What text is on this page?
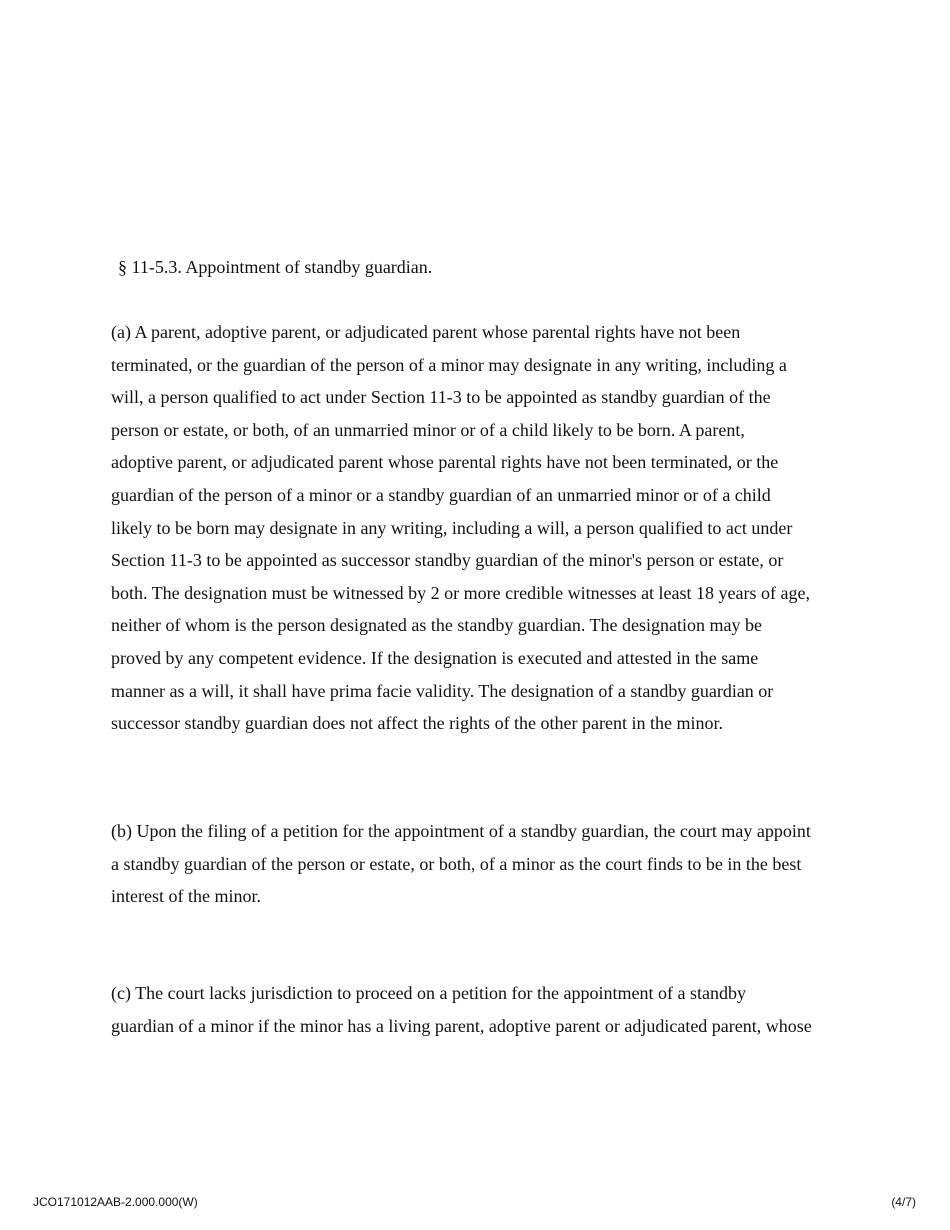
§ 11-5.3. Appointment of standby guardian.
(a) A parent, adoptive parent, or adjudicated parent whose parental rights have not been
terminated, or the guardian of the person of a minor may designate in any writing, including a
will, a person qualified to act under Section 11-3 to be appointed as standby guardian of the
person or estate, or both, of an unmarried minor or of a child likely to be born. A parent,
adoptive parent, or adjudicated parent whose parental rights have not been terminated, or the
guardian of the person of a minor or a standby guardian of an unmarried minor or of a child
likely to be born may designate in any writing, including a will, a person qualified to act under
Section 11-3 to be appointed as successor standby guardian of the minor's person or estate, or
both. The designation must be witnessed by 2 or more credible witnesses at least 18 years of age,
neither of whom is the person designated as the standby guardian. The designation may be
proved by any competent evidence. If the designation is executed and attested in the same
manner as a will, it shall have prima facie validity. The designation of a standby guardian or
successor standby guardian does not affect the rights of the other parent in the minor.
(b) Upon the filing of a petition for the appointment of a standby guardian, the court may appoint
a standby guardian of the person or estate, or both, of a minor as the court finds to be in the best
interest of the minor.
(c) The court lacks jurisdiction to proceed on a petition for the appointment of a standby
guardian of a minor if the minor has a living parent, adoptive parent or adjudicated parent, whose
JCO171012AAB-2.000.000(W)	(4/7)
